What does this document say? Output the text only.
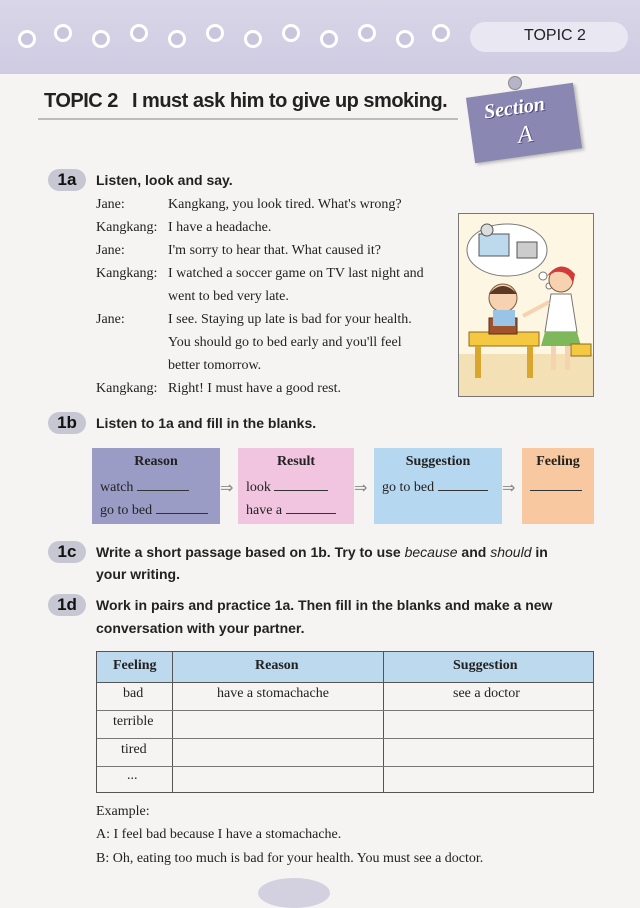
TOPIC 2
TOPIC 2 I must ask him to give up smoking. Section
A
1a	Listen, look and say.
Jane:	Kangkang, you look tired. What's wrong?
Kangkang: I have a headache.
Jane:	I'm sorry to hear that. What caused it?
Kangkang: I watched a soccer game on TV last night and
went to bed very late.
Jane:	I see. Staying up late is bad for your health.
You should go to bed early and you'll feel
better tomorrow.
Kangkang: Right! I must have a good rest.
1b	Listen to 1a and fill in the blanks.
Reason
watch
go to bed
⇒
Result
look
have a
⇒
Suggestion
go to bed	⇒
Feeling
1c	Write a short passage based on 1b. Try to use because and should in
your writing.
1d	Work in pairs and practice 1a. Then fill in the blanks and make a new
conversation with your partner.
Feeling	Reason	Suggestion
bad	have a stomachache	see a doctor
terrible
tired
...
Example:
A: I feel bad because I have a stomachache.
B: Oh, eating too much is bad for your health. You must see a doctor.
